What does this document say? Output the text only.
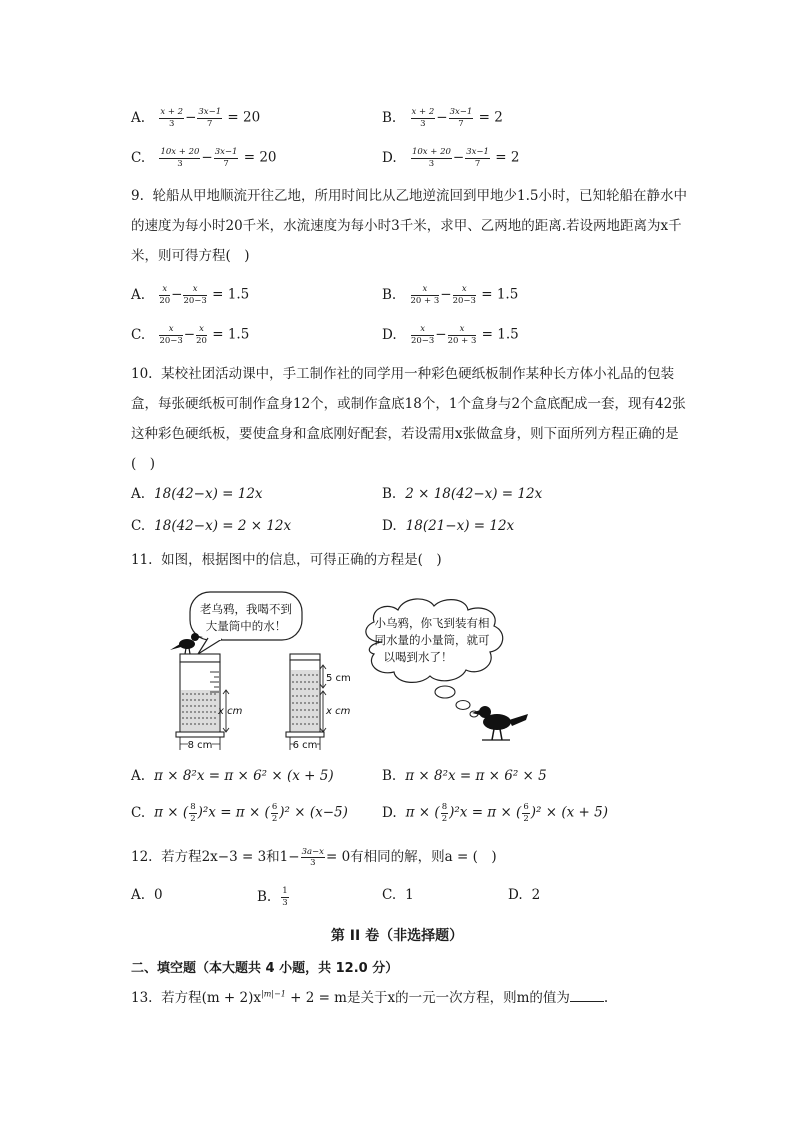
A. $\frac{x + 2}{3} - \frac{3x-1}{7} = 20$	B. $\frac{x + 2}{3} - \frac{3x-1}{7} = 2$
C. $\frac{10x + 20}{3} - \frac{3x-1}{7} = 20$	D. $\frac{10x + 20}{3} - \frac{3x-1}{7} = 2$
9. 轮船从甲地顺流开往乙地，所用时间比从乙地逆流回到甲地少1.5小时，已知轮船在静水中的速度为每小时20千米，水流速度为每小时3千米，求甲、乙两地的距离.若设两地距离为x千米，则可得方程(　)
A. $\frac{x}{20} - \frac{x}{20-3} = 1.5$	B. $\frac{x}{20 + 3} - \frac{x}{20-3} = 1.5$
C. $\frac{x}{20-3} - \frac{x}{20} = 1.5$	D. $\frac{x}{20-3} - \frac{x}{20 + 3} = 1.5$
10. 某校社团活动课中，手工制作社的同学用一种彩色硬纸板制作某种长方体小礼品的包装盒，每张硬纸板可制作盒身12个，或制作盒底18个，1个盒身与2个盒底配成一套，现有42张这种彩色硬纸板，要使盒身和盒底刚好配套，若设需用x张做盒身，则下面所列方程正确的是(　)
A. 18(42−x) = 12x	B. 2 × 18(42−x) = 12x
C. 18(42−x) = 2 × 12x	D. 18(21−x) = 12x
11. 如图，根据图中的信息，可得正确的方程是(　)
老乌鸦，我喝不到
大量筒中的水！
x cm
8 cm
5 cm
x cm
6 cm
小乌鸦，你飞到装有相
同水量的小量筒，就可
以喝到水了！
A. π × 8²x = π × 6² × (x + 5)	B. π × 8²x = π × 6² × 5
C. π × ( $\frac{8}{2} )^2x = \pi$ × ( $\frac{6}{2} )^2 \times (x-5)$	D. π × ( $\frac{8}{2} )^2x = \pi$ × ( $\frac{6}{2} )^2 \times (x + 5)$
12. 若方程2x−3 = 3和$1- \frac{3a-x}{3} = 0$有相同的解，则a = (　)
A. 0	B. $\frac{1}{3}$	C. 1	D. 2
第 II 卷（非选择题）
二、填空题（本大题共 4 小题，共 12.0 分）
13. 若方程$(m + 2)x^{|m|-1} + 2 = m$是关于x的一元一次方程，则m的值为	.
